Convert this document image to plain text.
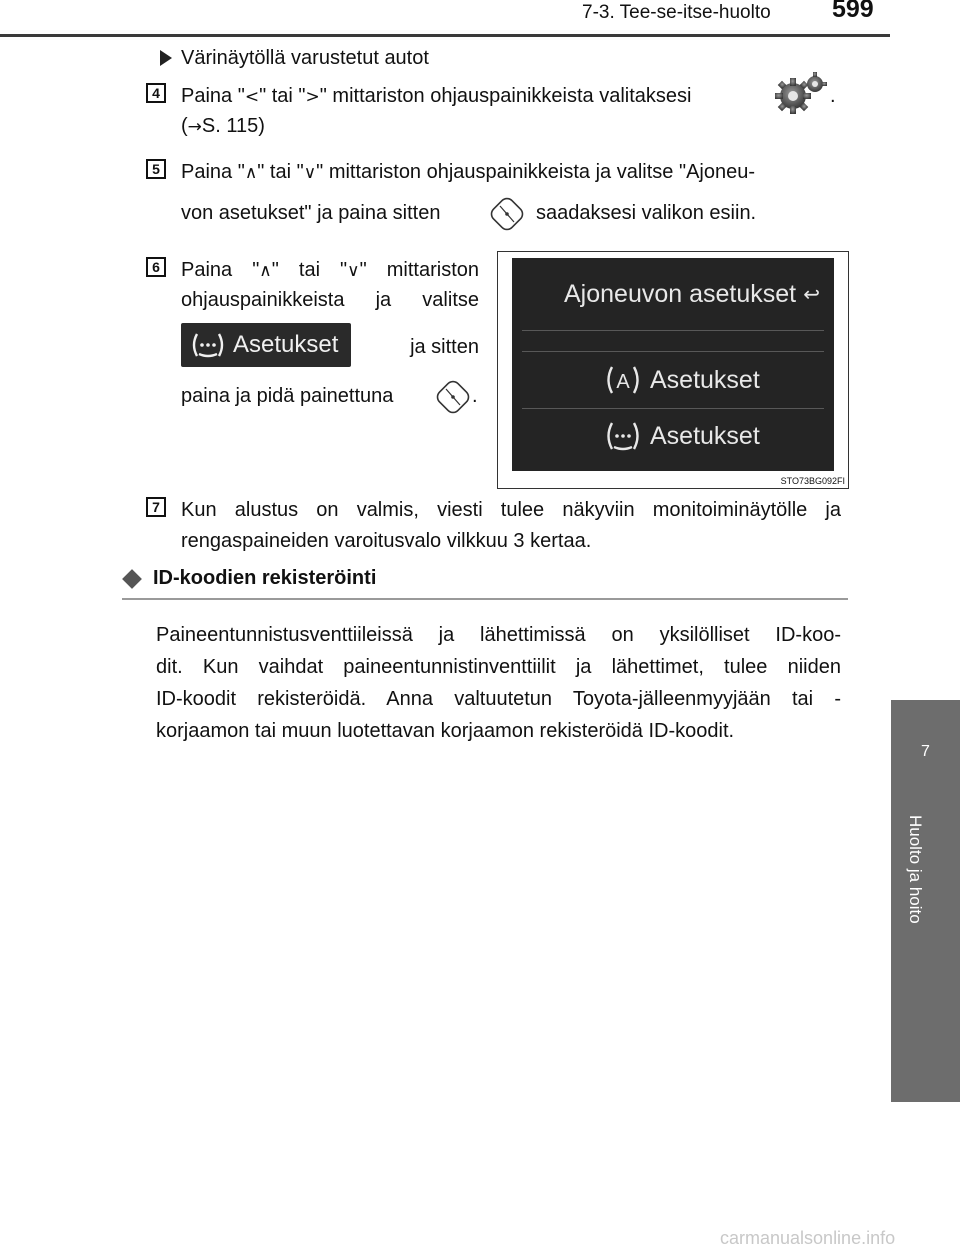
7-3. Tee-se-itse-huolto 599
7
Huolto ja hoito
Värinäytöllä varustetut autot
4	Paina "<" tai ">" mittariston ohjauspainikkeista valitaksesi	.
(→S. 115)
5	Paina "∧" tai "∨" mittariston ohjauspainikkeista ja valitse "Ajoneu-
von asetukset" ja paina sitten	saadaksesi valikon esiin.
6	Paina "∧" tai "∨" mittariston
ohjauspainikkeista ja valitse
Asetukset	ja sitten
paina ja pidä painettuna	.
Ajoneuvon asetukset ↩
A Asetukset
Asetukset
STO73BG092FI
7	Kun alustus on valmis, viesti tulee näkyviin monitoiminäytölle ja
rengaspaineiden varoitusvalo vilkkuu 3 kertaa.
ID-koodien rekisteröinti
Paineentunnistusventtiileissä ja lähettimissä on yksilölliset ID-koo-
dit. Kun vaihdat paineentunnistinventtiilit ja lähettimet, tulee niiden
ID-koodit rekisteröidä. Anna valtuutetun Toyota-jälleenmyyjään tai -
korjaamon tai muun luotettavan korjaamon rekisteröidä ID-koodit.
carmanualsonline.info
